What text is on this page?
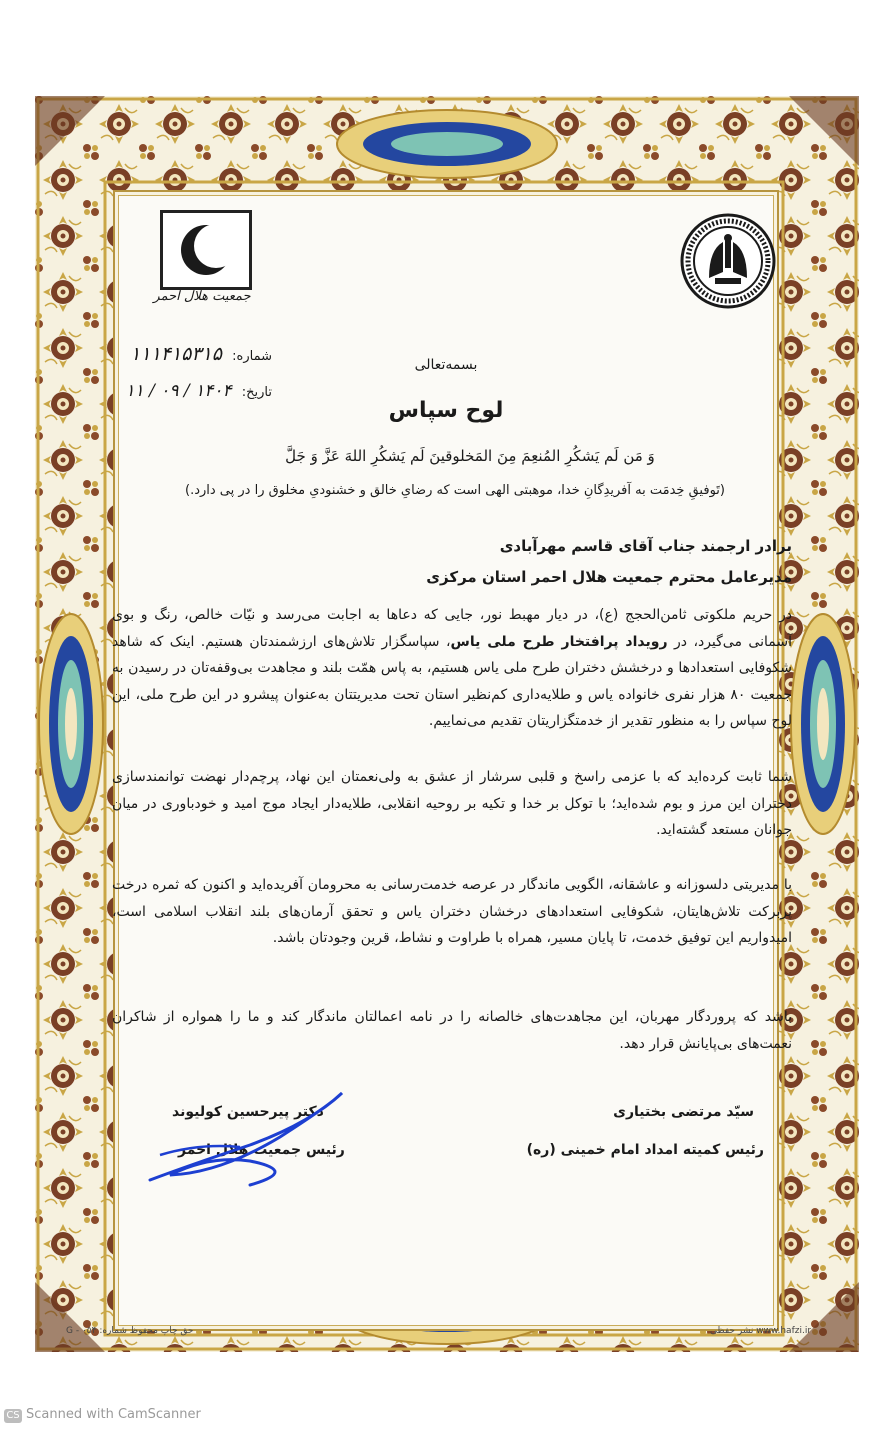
جمعیت هلال احمر
شماره: ۱۱۱۴۱۵۳۱۵
تاریخ: ۱۴۰۴ / ۰۹ / ۱۱
بسمه‌تعالی
لوح سپاس
وَ مَن لَم یَشکُرِ المُنعِمَ مِنَ المَخلوقینَ لَم یَشکُرِ اللهَ عَزَّ وَ جَلَّ
(تَوفیقِ خِدمَت به آفریدِگانِ خدا، موهبتی الهی است که رضایِ خالق و خشنودیِ مخلوق را در پی دارد.)
برادر ارجمند جناب آقای قاسم مهرآبادی
مدیرعامل محترم جمعیت هلال احمر استان مرکزی
در حریم ملکوتی ثامن‌الحجج (ع)، در دیار مهبط نور، جایی که دعاها به اجابت می‌رسد و نیّات خالص، رنگ و بوی آسمانی می‌گیرد، در رویداد پرافتخار طرح ملی یاس، سپاسگزار تلاش‌های ارزشمندتان هستیم. اینک که شاهد شکوفایی استعدادها و درخشش دختران طرح ملی یاس هستیم، به پاس همّت بلند و مجاهدت بی‌وقفه‌تان در رسیدن به جمعیت ۸۰ هزار نفری خانواده یاس و طلایه‌داری کم‌نظیر استان تحت مدیریتتان به‌عنوان پیشرو در این طرح ملی، این لوح سپاس را به منظور تقدیر از خدمتگزاریتان تقدیم می‌نماییم.
شما ثابت کرده‌اید که با عزمی راسخ و قلبی سرشار از عشق به ولی‌نعمتان این نهاد، پرچم‌دار نهضت توانمندسازی دختران این مرز و بوم شده‌اید؛ با توکل بر خدا و تکیه بر روحیه انقلابی، طلایه‌دار ایجاد موج امید و خودباوری در میان جوانان مستعد گشته‌اید.
با مدیریتی دلسوزانه و عاشقانه، الگویی ماندگار در عرصه خدمت‌رسانی به محرومان آفریده‌اید و اکنون که ثمره درخت پربرکت تلاش‌هایتان، شکوفایی استعدادهای درخشان دختران یاس و تحقق آرمان‌های بلند انقلاب اسلامی است، امیدواریم این توفیق خدمت، تا پایان مسیر، همراه با طراوت و نشاط، قرین وجودتان باشد.
باشد که پروردگار مهربان، این مجاهدت‌های خالصانه را در نامه اعمالتان ماندگار کند و ما را همواره از شاکران نعمت‌های بی‌پایانش قرار دهد.
سیّد مرتضی بختیاری
رئیس کمیته امداد امام خمینی (ره)
دکتر پیرحسین کولیوند
رئیس جمعیت هلال احمر
حق چاپ محفوظ شماره: G - ۰۵۴	www.hafzi.ir نشر حفظی
CS Scanned with CamScanner
